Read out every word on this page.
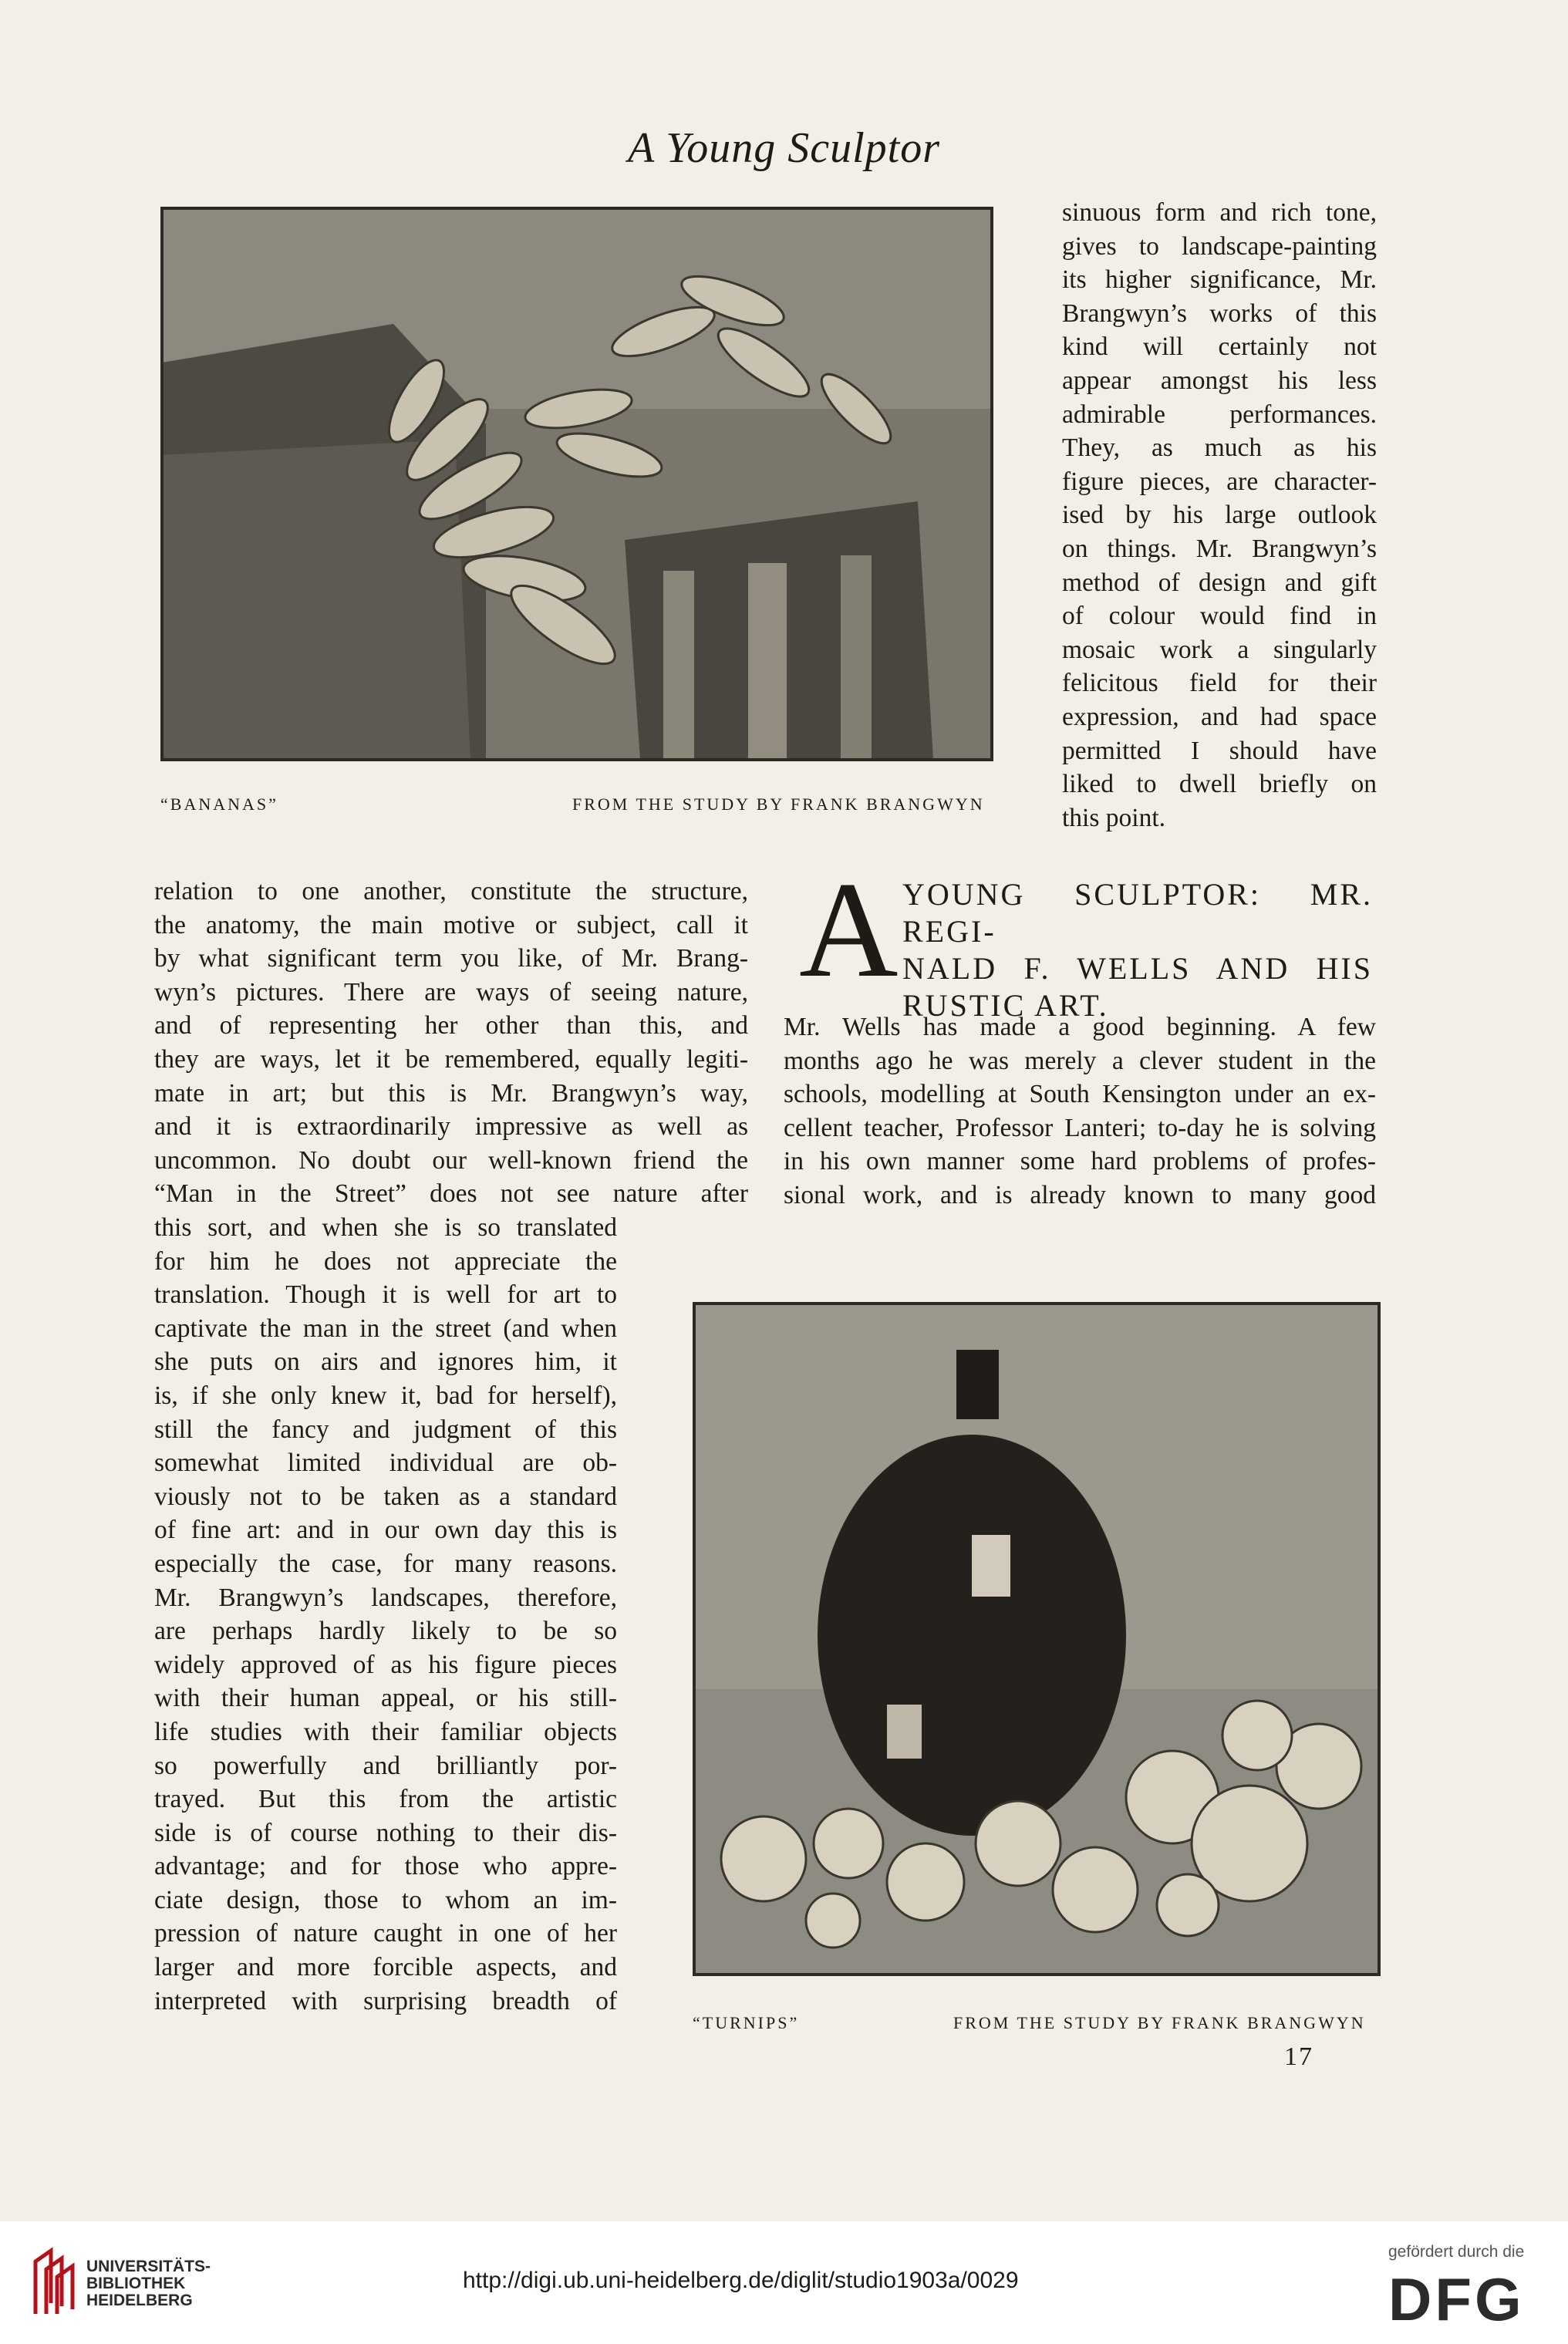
A Young Sculptor
“BANANAS”	FROM THE STUDY BY FRANK BRANGWYN
sinuous form and rich tone,
gives to landscape-painting
its higher significance, Mr.
Brangwyn’s works of this
kind will certainly not
appear amongst his less
admirable performances.
They, as much as his
figure pieces, are character-
ised by his large outlook
on things. Mr. Brangwyn’s
method of design and gift
of colour would find in
mosaic work a singularly
felicitous field for their
expression, and had space
permitted I should have
liked to dwell briefly on
this point.
relation to one another, constitute the structure,
the anatomy, the main motive or subject, call it
by what significant term you like, of Mr. Brang-
wyn’s pictures. There are ways of seeing nature,
and of representing her other than this, and
they are ways, let it be remembered, equally legiti-
mate in art; but this is Mr. Brangwyn’s way,
and it is extraordinarily impressive as well as
uncommon. No doubt our well-known friend the
“Man in the Street” does not see nature after
this sort, and when she is so translated
for him he does not appreciate the
translation. Though it is well for art to
captivate the man in the street (and when
she puts on airs and ignores him, it
is, if she only knew it, bad for herself),
still the fancy and judgment of this
somewhat limited individual are ob-
viously not to be taken as a standard
of fine art: and in our own day this is
especially the case, for many reasons.
Mr. Brangwyn’s landscapes, therefore,
are perhaps hardly likely to be so
widely approved of as his figure pieces
with their human appeal, or his still-
life studies with their familiar objects
so powerfully and brilliantly por-
trayed. But this from the artistic
side is of course nothing to their dis-
advantage; and for those who appre-
ciate design, those to whom an im-
pression of nature caught in one of her
larger and more forcible aspects, and
interpreted with surprising breadth of
A YOUNG SCULPTOR: MR. REGI-
NALD F. WELLS AND HIS
RUSTIC ART.
Mr. Wells has made a good beginning. A few
months ago he was merely a clever student in the
schools, modelling at South Kensington under an ex-
cellent teacher, Professor Lanteri; to-day he is solving
in his own manner some hard problems of profes-
sional work, and is already known to many good
“TURNIPS”	FROM THE STUDY BY FRANK BRANGWYN
17
UNIVERSITÄTS-
BIBLIOTHEK
HEIDELBERG
http://digi.ub.uni-heidelberg.de/diglit/studio1903a/0029
gefördert durch die
DFG
